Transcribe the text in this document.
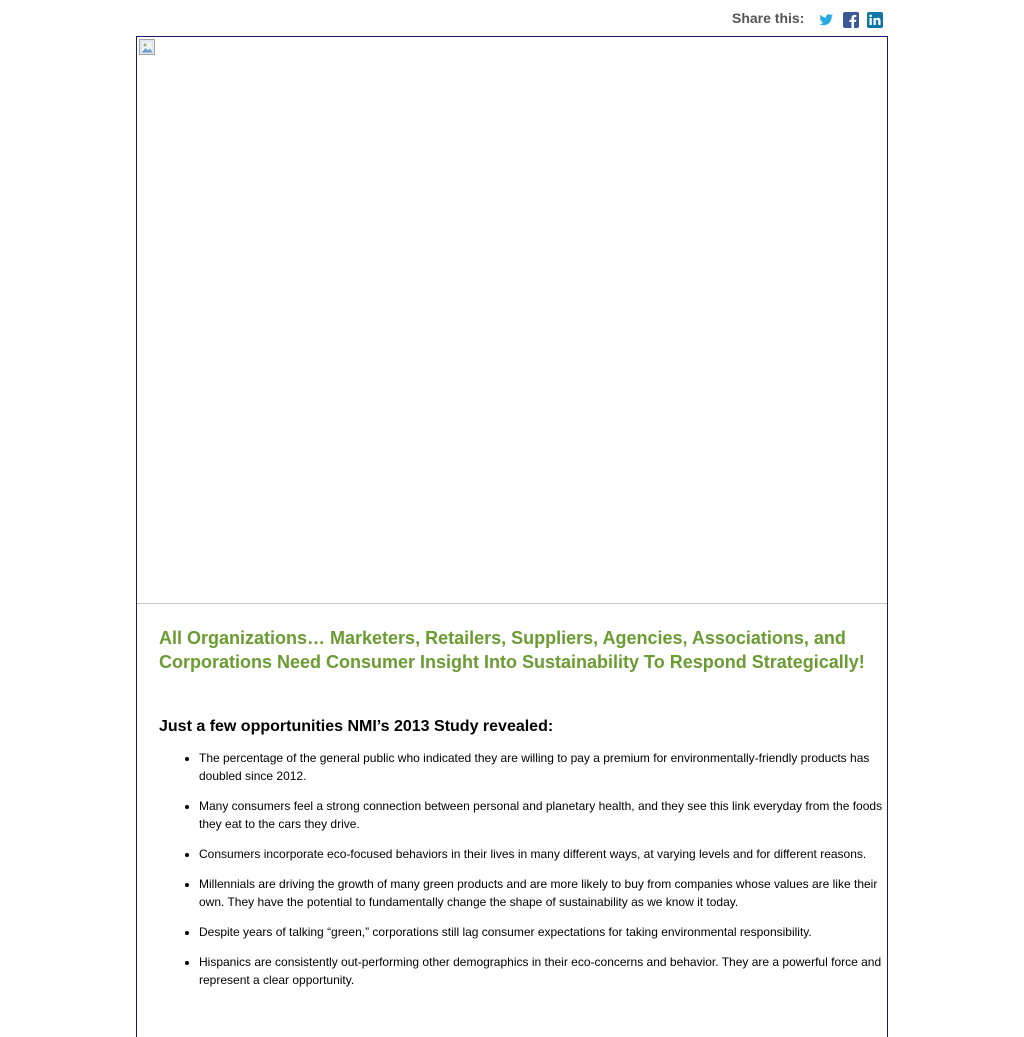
Share this:
All Organizations… Marketers, Retailers, Suppliers, Agencies, Associations, and Corporations Need Consumer Insight Into Sustainability To Respond Strategically!
Just a few opportunities NMI’s 2013 Study revealed:
• The percentage of the general public who indicated they are willing to pay a premium for environmentally-friendly products has doubled since 2012.
• Many consumers feel a strong connection between personal and planetary health, and they see this link everyday from the foods they eat to the cars they drive.
• Consumers incorporate eco-focused behaviors in their lives in many different ways, at varying levels and for different reasons.
• Millennials are driving the growth of many green products and are more likely to buy from companies whose values are like their own. They have the potential to fundamentally change the shape of sustainability as we know it today.
• Despite years of talking “green,” corporations still lag consumer expectations for taking environmental responsibility.
• Hispanics are consistently out-performing other demographics in their eco-concerns and behavior. They are a powerful force and represent a clear opportunity.
